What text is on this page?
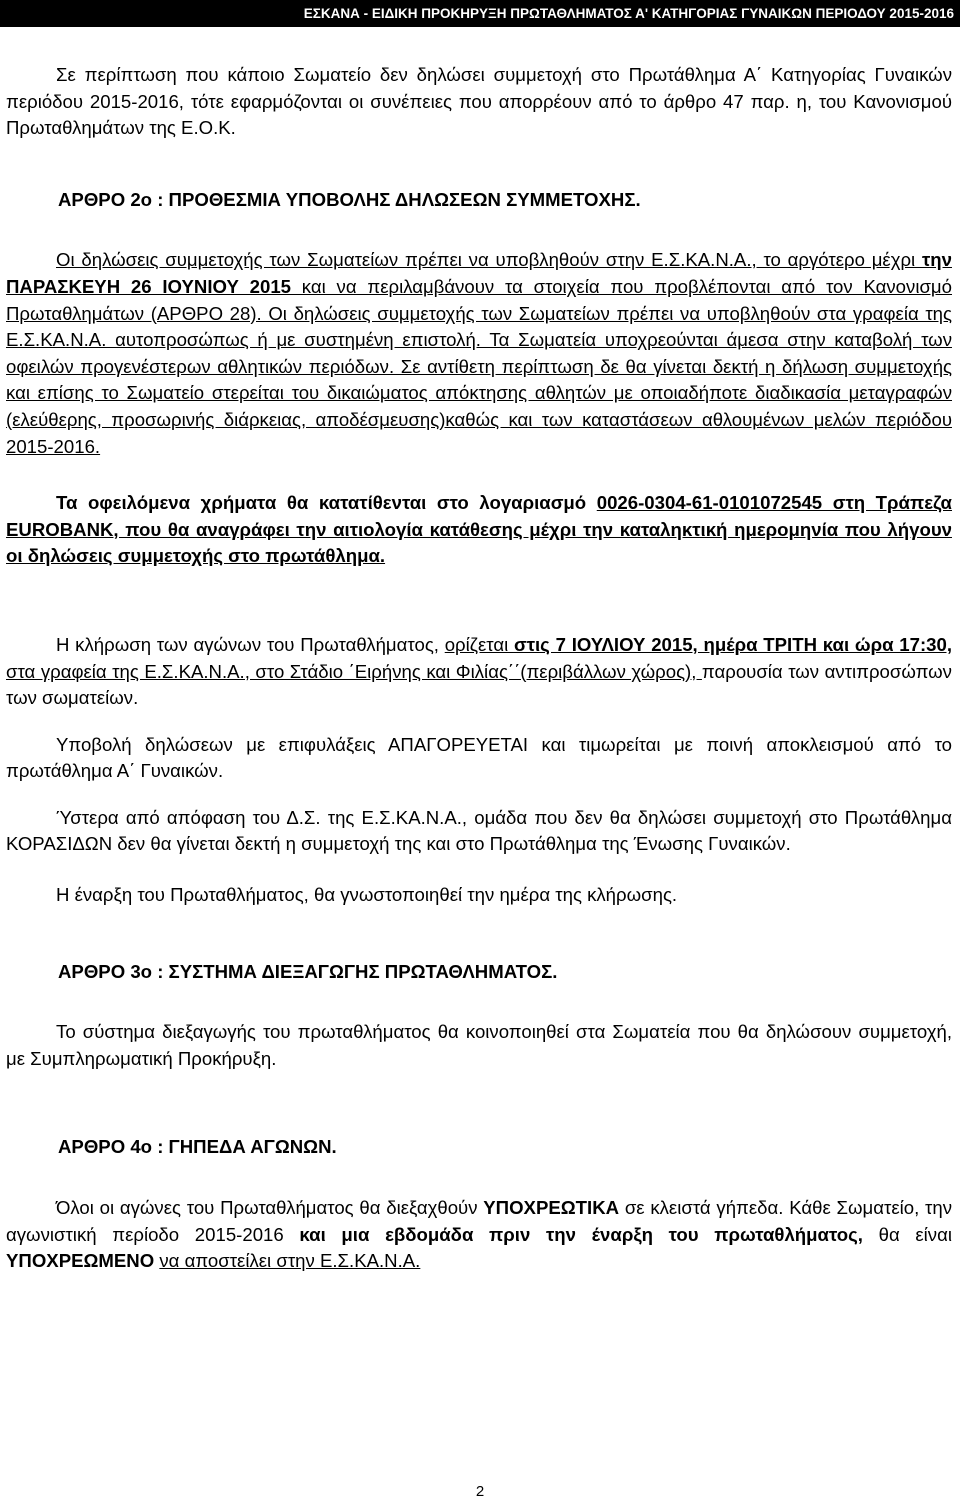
ΕΣΚΑΝΑ - ΕΙΔΙΚΗ ΠΡΟΚΗΡΥΞΗ ΠΡΩΤΑΘΛΗΜΑΤΟΣ Α' ΚΑΤΗΓΟΡΙΑΣ ΓΥΝΑΙΚΩΝ ΠΕΡΙΟΔΟΥ 2015-2016

Σε περίπτωση που κάποιο Σωματείο δεν δηλώσει συμμετοχή στο Πρωτάθλημα Α΄ Κατηγορίας Γυναικών περιόδου 2015-2016, τότε εφαρμόζονται οι συνέπειες που απορρέουν από το άρθρο 47 παρ. η, του Κανονισμού Πρωταθλημάτων της Ε.Ο.Κ.

ΑΡΘΡΟ 2ο : ΠΡΟΘΕΣΜΙΑ ΥΠΟΒΟΛΗΣ ΔΗΛΩΣΕΩΝ ΣΥΜΜΕΤΟΧΗΣ.

Οι δηλώσεις συμμετοχής των Σωματείων πρέπει να υποβληθούν στην Ε.Σ.ΚΑ.Ν.Α., το αργότερο μέχρι την ΠΑΡΑΣΚΕΥΗ 26 ΙΟΥΝΙΟΥ 2015 και να περιλαμβάνουν τα στοιχεία που προβλέπονται από τον Κανονισμό Πρωταθλημάτων (ΑΡΘΡΟ 28). Οι δηλώσεις συμμετοχής των Σωματείων πρέπει να υποβληθούν στα γραφεία της Ε.Σ.ΚΑ.Ν.Α. αυτοπροσώπως ή με συστημένη επιστολή. Τα Σωματεία υποχρεούνται άμεσα στην καταβολή των οφειλών προγενέστερων αθλητικών περιόδων. Σε αντίθετη περίπτωση δε θα γίνεται δεκτή η δήλωση συμμετοχής και επίσης το Σωματείο στερείται του δικαιώματος απόκτησης αθλητών με οποιαδήποτε διαδικασία μεταγραφών (ελεύθερης, προσωρινής διάρκειας, αποδέσμευσης)καθώς και των καταστάσεων αθλουμένων μελών περιόδου 2015-2016.

Τα οφειλόμενα χρήματα θα κατατίθενται στο λογαριασμό 0026-0304-61-0101072545 στη Τράπεζα EUROBANK, που θα αναγράφει την αιτιολογία κατάθεσης μέχρι την καταληκτική ημερομηνία που λήγουν οι δηλώσεις συμμετοχής στο πρωτάθλημα.

Η κλήρωση των αγώνων του Πρωταθλήματος, ορίζεται στις 7 ΙΟΥΛΙΟΥ 2015, ημέρα ΤΡΙΤΗ και ώρα 17:30, στα γραφεία της Ε.Σ.ΚΑ.Ν.Α., στο Στάδιο ΄Ειρήνης και Φιλίας΄΄(περιβάλλων χώρος), παρουσία των αντιπροσώπων των σωματείων.

Υποβολή δηλώσεων με επιφυλάξεις ΑΠΑΓΟΡΕΥΕΤΑΙ και τιμωρείται με ποινή αποκλεισμού από το πρωτάθλημα Α΄ Γυναικών.

Ύστερα από απόφαση του Δ.Σ. της Ε.Σ.ΚΑ.Ν.Α., ομάδα που δεν θα δηλώσει συμμετοχή στο Πρωτάθλημα ΚΟΡΑΣΙΔΩΝ δεν θα γίνεται δεκτή η συμμετοχή της και στο Πρωτάθλημα της Ένωσης Γυναικών.

Η έναρξη του Πρωταθλήματος, θα γνωστοποιηθεί την ημέρα της κλήρωσης.

ΑΡΘΡΟ 3ο : ΣΥΣΤΗΜΑ ΔΙΕΞΑΓΩΓΗΣ ΠΡΩΤΑΘΛΗΜΑΤΟΣ.

Το σύστημα διεξαγωγής του πρωταθλήματος θα κοινοποιηθεί στα Σωματεία που θα δηλώσουν συμμετοχή, με Συμπληρωματική Προκήρυξη.

ΑΡΘΡΟ 4ο : ΓΗΠΕΔΑ ΑΓΩΝΩΝ.

Όλοι οι αγώνες του Πρωταθλήματος θα διεξαχθούν ΥΠΟΧΡΕΩΤΙΚΑ σε κλειστά γήπεδα. Κάθε Σωματείο, την αγωνιστική περίοδο 2015-2016 και μια εβδομάδα πριν την έναρξη του πρωταθλήματος, θα είναι ΥΠΟΧΡΕΩΜΕΝΟ να αποστείλει στην Ε.Σ.ΚΑ.Ν.Α.

2
